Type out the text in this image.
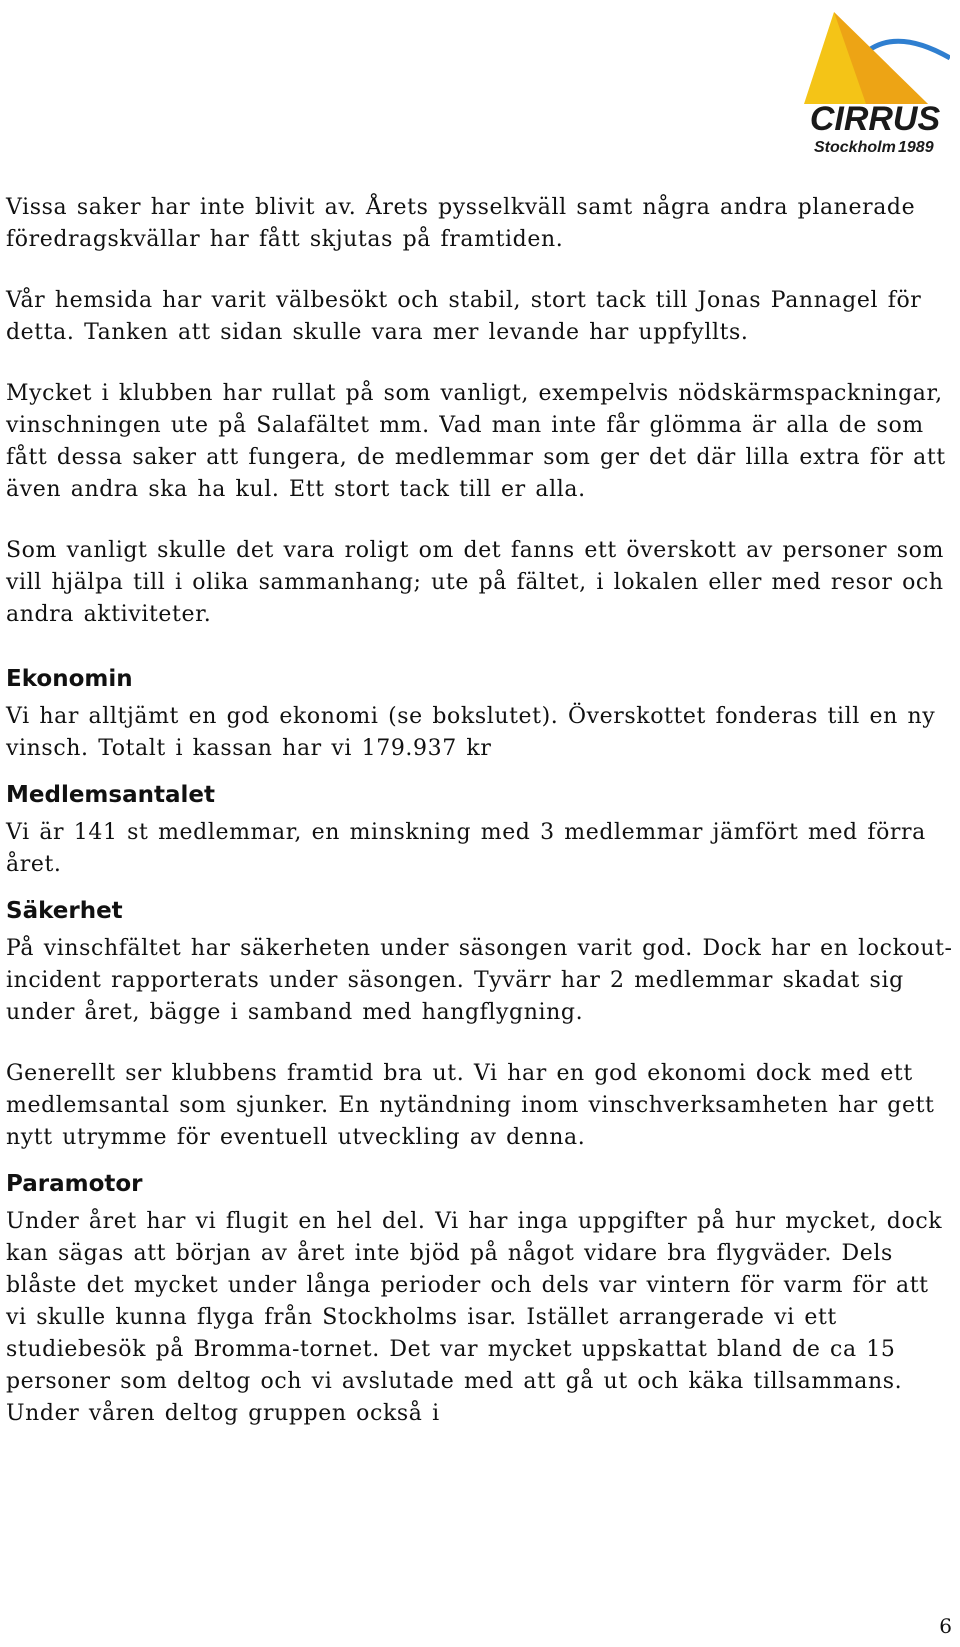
CIRRUS
Stockholm 1989

Vissa saker har inte blivit av. Årets pysselkväll samt några andra planerade föredragskvällar har fått skjutas på framtiden.

Vår hemsida har varit välbesökt och stabil, stort tack till Jonas Pannagel för detta. Tanken att sidan skulle vara mer levande har uppfyllts.

Mycket i klubben har rullat på som vanligt, exempelvis nödskärmspackningar, vinschningen ute på Salafältet mm. Vad man inte får glömma är alla de som fått dessa saker att fungera, de medlemmar som ger det där lilla extra för att även andra ska ha kul. Ett stort tack till er alla.

Som vanligt skulle det vara roligt om det fanns ett överskott av personer som vill hjälpa till i olika sammanhang; ute på fältet, i lokalen eller med resor och andra aktiviteter.

Ekonomin

Vi har alltjämt en god ekonomi (se bokslutet). Överskottet fonderas till en ny vinsch. Totalt i kassan har vi 179.937 kr

Medlemsantalet

Vi är 141 st medlemmar, en minskning med 3 medlemmar jämfört med förra året.

Säkerhet

På vinschfältet har säkerheten under säsongen varit god. Dock har en lockout-incident rapporterats under säsongen. Tyvärr har 2 medlemmar skadat sig under året, bägge i samband med hangflygning.

Generellt ser klubbens framtid bra ut. Vi har en god ekonomi dock med ett medlemsantal som sjunker. En nytändning inom vinschverksamheten har gett nytt utrymme för eventuell utveckling av denna.

Paramotor

Under året har vi flugit en hel del. Vi har inga uppgifter på hur mycket, dock kan sägas att början av året inte bjöd på något vidare bra flygväder. Dels blåste det mycket under långa perioder och dels var vintern för varm för att vi skulle kunna flyga från Stockholms isar. Istället arrangerade vi ett studiebesök på Bromma-tornet. Det var mycket uppskattat bland de ca 15 personer som deltog och vi avslutade med att gå ut och käka tillsammans. Under våren deltog gruppen också i

6
